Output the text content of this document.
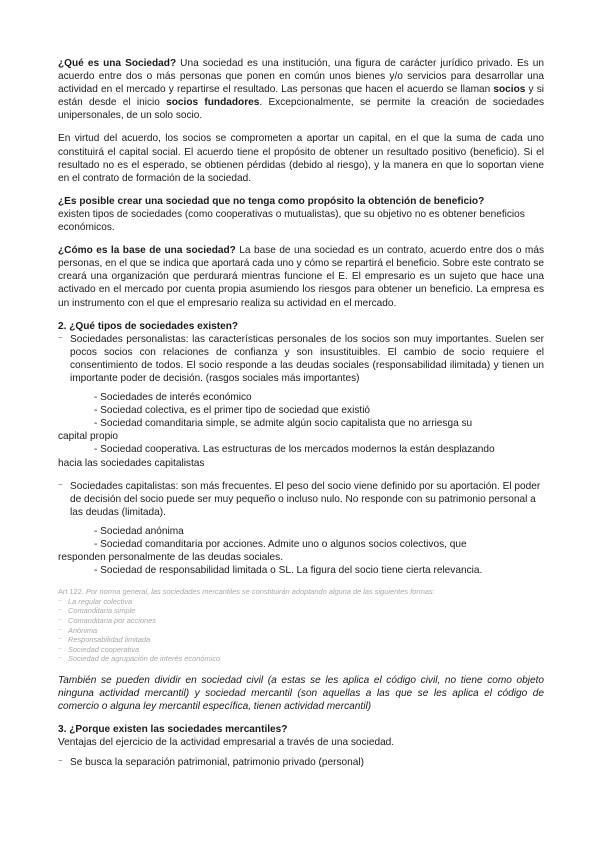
¿Qué es una Sociedad? Una sociedad es una institución, una figura de carácter jurídico privado. Es un acuerdo entre dos o más personas que ponen en común unos bienes y/o servicios para desarrollar una actividad en el mercado y repartirse el resultado. Las personas que hacen el acuerdo se llaman socios y si están desde el inicio socios fundadores. Excepcionalmente, se permite la creación de sociedades unipersonales, de un solo socio.

En virtud del acuerdo, los socios se comprometen a aportar un capital, en el que la suma de cada uno constituirá el capital social. El acuerdo tiene el propósito de obtener un resultado positivo (beneficio). Si el resultado no es el esperado, se obtienen pérdidas (debido al riesgo), y la manera en que lo soportan viene en el contrato de formación de la sociedad.

¿Es posible crear una sociedad que no tenga como propósito la obtención de beneficio?
existen tipos de sociedades (como cooperativas o mutualistas), que su objetivo no es obtener beneficios económicos.

¿Cómo es la base de una sociedad? La base de una sociedad es un contrato, acuerdo entre dos o más personas, en el que se indica que aportará cada uno y cómo se repartirá el beneficio. Sobre este contrato se creará una organización que perdurará mientras funcione el E. El empresario es un sujeto que hace una activado en el mercado por cuenta propia asumiendo los riesgos para obtener un beneficio. La empresa es un instrumento con el que el empresario realiza su actividad en el mercado.

2. ¿Qué tipos de sociedades existen?

⁻ Sociedades personalistas: las características personales de los socios son muy importantes. Suelen ser pocos socios con relaciones de confianza y son insustituibles. El cambio de socio requiere el consentimiento de todos. El socio responde a las deudas sociales (responsabilidad ilimitada) y tienen un importante poder de decisión. (rasgos sociales más importantes)

- Sociedades de interés económico

- Sociedad colectiva, es el primer tipo de sociedad que existió

- Sociedad comanditaria simple, se admite algún socio capitalista que no arriesga su

capital propio

- Sociedad cooperativa. Las estructuras de los mercados modernos la están desplazando

hacia las sociedades capitalistas

⁻ Sociedades capitalistas: son más frecuentes. El peso del socio viene definido por su aportación. El poder de decisión del socio puede ser muy pequeño o incluso nulo. No responde con su patrimonio personal a las deudas (limitada).

- Sociedad anónima

- Sociedad comanditaria por acciones. Admite uno o algunos socios colectivos, que

responden personalmente de las deudas sociales.

- Sociedad de responsabilidad limitada o SL. La figura del socio tiene cierta relevancia.

Art 122. Por norma general, las sociedades mercantiles se constituirán adoptando alguna de las siguientes formas:

⁻ La regular colectiva
⁻ Comanditaria simple
⁻ Comanditaria por acciones
⁻ Anónima
⁻ Responsabilidad limitada
⁻ Sociedad cooperativa
⁻ Sociedad de agrupación de interés económico

También se pueden dividir en sociedad civil (a estas se les aplica el código civil, no tiene como objeto ninguna actividad mercantil) y sociedad mercantil (son aquellas a las que se les aplica el código de comercio o alguna ley mercantil específica, tienen actividad mercantil)

3. ¿Porque existen las sociedades mercantiles?

Ventajas del ejercicio de la actividad empresarial a través de una sociedad.

⁻ Se busca la separación patrimonial, patrimonio privado (personal)
